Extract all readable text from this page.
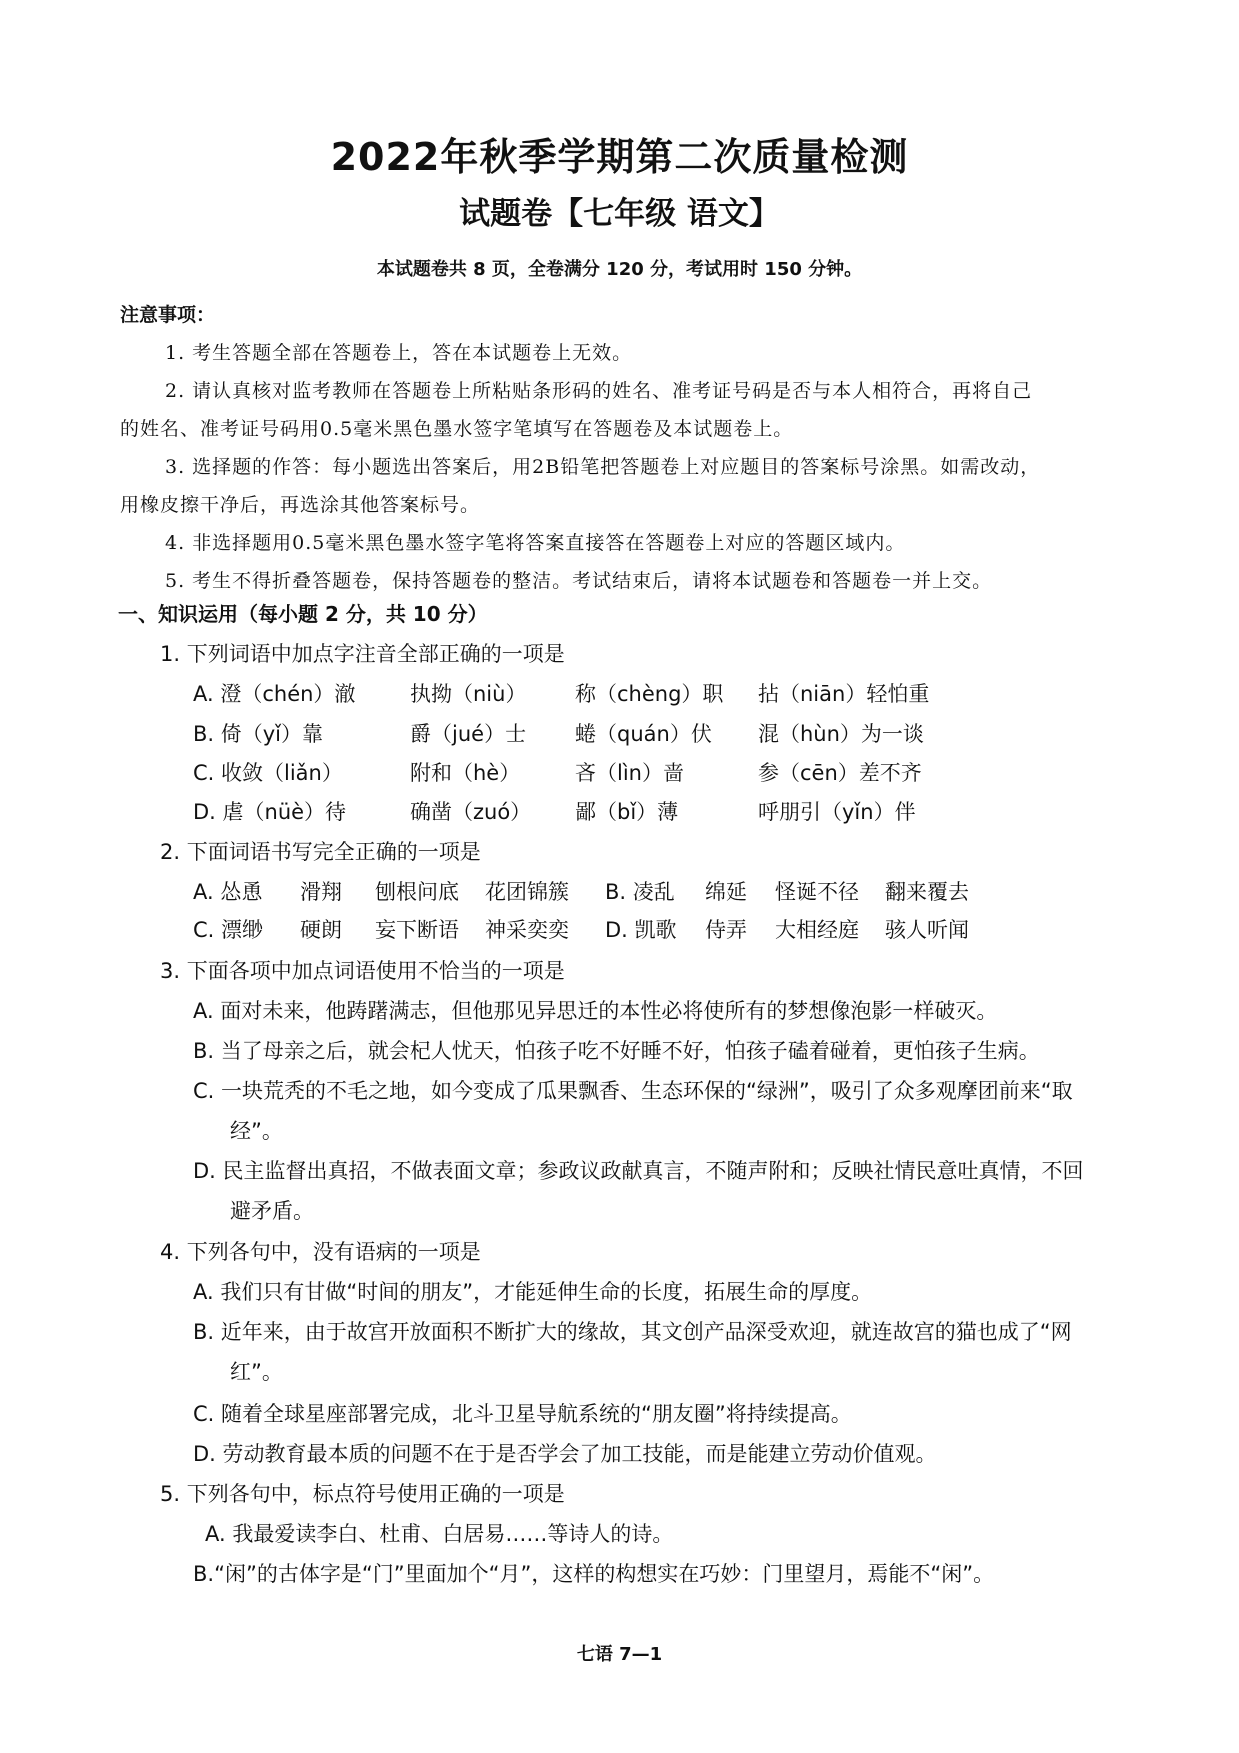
2022年秋季学期第二次质量检测
试题卷【七年级 语文】
本试题卷共 8 页，全卷满分 120 分，考试用时 150 分钟。
注意事项：
1. 考生答题全部在答题卷上，答在本试题卷上无效。
2. 请认真核对监考教师在答题卷上所粘贴条形码的姓名、准考证号码是否与本人相符合，再将自己
的姓名、准考证号码用0.5毫米黑色墨水签字笔填写在答题卷及本试题卷上。
3. 选择题的作答：每小题选出答案后，用2B铅笔把答题卷上对应题目的答案标号涂黑。如需改动，
用橡皮擦干净后，再选涂其他答案标号。
4. 非选择题用0.5毫米黑色墨水签字笔将答案直接答在答题卷上对应的答题区域内。
5. 考生不得折叠答题卷，保持答题卷的整洁。考试结束后，请将本试题卷和答题卷一并上交。
一、知识运用（每小题 2 分，共 10 分）
1. 下列词语中加点字注音全部正确的一项是
A. 澄（chén）澈	执拗（niù） 称（chèng）职 拈（niān）轻怕重
B. 倚（yǐ）靠	爵（jué）士 蜷（quán）伏 混（hùn）为一谈
C. 收敛（liǎn）	附和（hè）	吝（lìn）啬	参（cēn）差不齐
D. 虐（nüè）待	确凿（zuó） 鄙（bǐ）薄	呼朋引（yǐn）伴
2. 下面词语书写完全正确的一项是
A. 怂恿 滑翔 刨根问底 花团锦簇 B. 凌乱 绵延 怪诞不径 翻来覆去
C. 漂缈 硬朗 妄下断语 神采奕奕 D. 凯歌 侍弄 大相经庭 骇人听闻
3. 下面各项中加点词语使用不恰当的一项是
A. 面对未来，他踌躇满志，但他那见异思迁的本性必将使所有的梦想像泡影一样破灭。
B. 当了母亲之后，就会杞人忧天，怕孩子吃不好睡不好，怕孩子磕着碰着，更怕孩子生病。
C. 一块荒秃的不毛之地，如今变成了瓜果飘香、生态环保的“绿洲”，吸引了众多观摩团前来“取
经”。
D. 民主监督出真招，不做表面文章；参政议政献真言，不随声附和；反映社情民意吐真情，不回
避矛盾。
4. 下列各句中，没有语病的一项是
A. 我们只有甘做“时间的朋友”，才能延伸生命的长度，拓展生命的厚度。
B. 近年来，由于故宫开放面积不断扩大的缘故，其文创产品深受欢迎，就连故宫的猫也成了“网
红”。
C. 随着全球星座部署完成，北斗卫星导航系统的“朋友圈”将持续提高。
D. 劳动教育最本质的问题不在于是否学会了加工技能，而是能建立劳动价值观。
5. 下列各句中，标点符号使用正确的一项是
A. 我最爱读李白、杜甫、白居易……等诗人的诗。
B.“闲”的古体字是“门”里面加个“月”，这样的构想实在巧妙：门里望月，焉能不“闲”。
七语 7—1
